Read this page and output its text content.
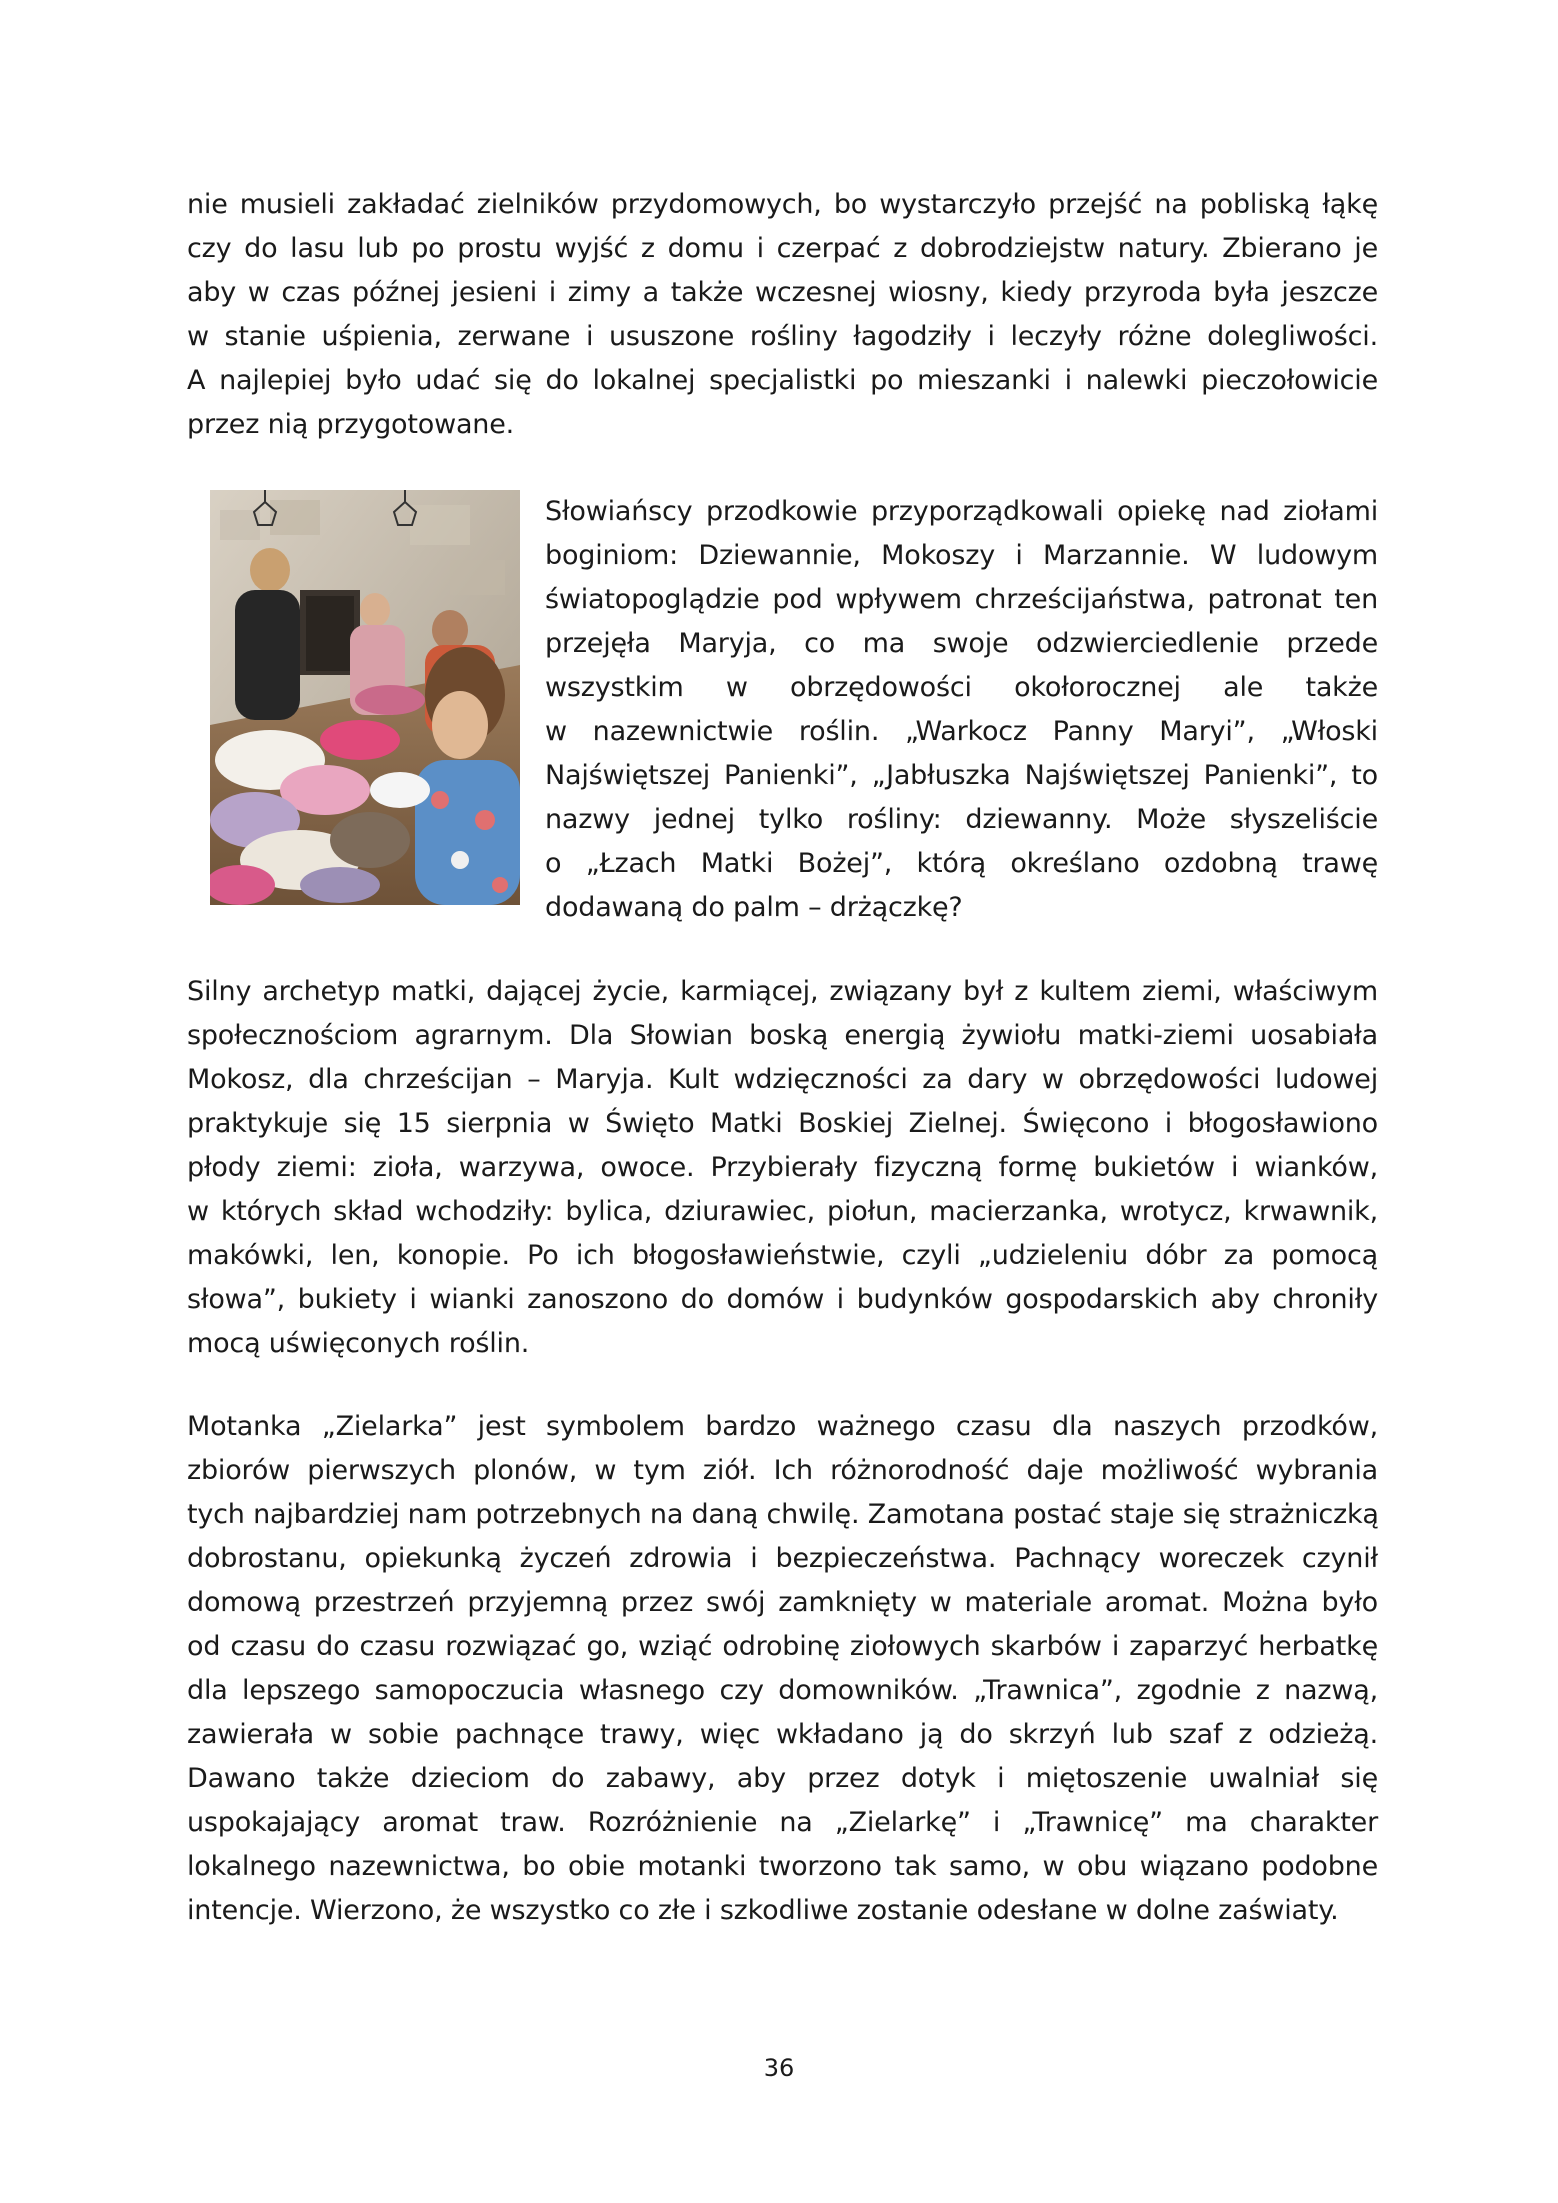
nie musieli zakładać zielników przydomowych, bo wystarczyło przejść na pobliską łąkę
czy do lasu lub po prostu wyjść z domu i czerpać z dobrodziejstw natury. Zbierano je
aby w czas późnej jesieni i zimy a także wczesnej wiosny, kiedy przyroda była jeszcze
w stanie uśpienia, zerwane i ususzone rośliny łagodziły i leczyły różne dolegliwości.
A najlepiej było udać się do lokalnej specjalistki po mieszanki i nalewki pieczołowicie
przez nią przygotowane.
Słowiańscy przodkowie przyporządkowali opiekę nad ziołami
boginiom: Dziewannie, Mokoszy i Marzannie. W ludowym
światopoglądzie pod wpływem chrześcijaństwa, patronat ten
przejęła Maryja, co ma swoje odzwierciedlenie przede
wszystkim w obrzędowości okołorocznej ale także
w nazewnictwie roślin. „Warkocz Panny Maryi”, „Włoski
Najświętszej Panienki”, „Jabłuszka Najświętszej Panienki”, to
nazwy jednej tylko rośliny: dziewanny. Może słyszeliście
o „Łzach Matki Bożej”, którą określano ozdobną trawę
dodawaną do palm – drżączkę?
Silny archetyp matki, dającej życie, karmiącej, związany był z kultem ziemi, właściwym
społecznościom agrarnym. Dla Słowian boską energią żywiołu matki-ziemi uosabiała
Mokosz, dla chrześcijan – Maryja. Kult wdzięczności za dary w obrzędowości ludowej
praktykuje się 15 sierpnia w Święto Matki Boskiej Zielnej. Święcono i błogosławiono
płody ziemi: zioła, warzywa, owoce. Przybierały fizyczną formę bukietów i wianków,
w których skład wchodziły: bylica, dziurawiec, piołun, macierzanka, wrotycz, krwawnik,
makówki, len, konopie. Po ich błogosławieństwie, czyli „udzieleniu dóbr za pomocą
słowa”, bukiety i wianki zanoszono do domów i budynków gospodarskich aby chroniły
mocą uświęconych roślin.
Motanka „Zielarka” jest symbolem bardzo ważnego czasu dla naszych przodków,
zbiorów pierwszych plonów, w tym ziół. Ich różnorodność daje możliwość wybrania
tych najbardziej nam potrzebnych na daną chwilę. Zamotana postać staje się strażniczką
dobrostanu, opiekunką życzeń zdrowia i bezpieczeństwa. Pachnący woreczek czynił
domową przestrzeń przyjemną przez swój zamknięty w materiale aromat. Można było
od czasu do czasu rozwiązać go, wziąć odrobinę ziołowych skarbów i zaparzyć herbatkę
dla lepszego samopoczucia własnego czy domowników. „Trawnica”, zgodnie z nazwą,
zawierała w sobie pachnące trawy, więc wkładano ją do skrzyń lub szaf z odzieżą.
Dawano także dzieciom do zabawy, aby przez dotyk i miętoszenie uwalniał się
uspokajający aromat traw. Rozróżnienie na „Zielarkę” i „Trawnicę” ma charakter
lokalnego nazewnictwa, bo obie motanki tworzono tak samo, w obu wiązano podobne
intencje. Wierzono, że wszystko co złe i szkodliwe zostanie odesłane w dolne zaświaty.
36
